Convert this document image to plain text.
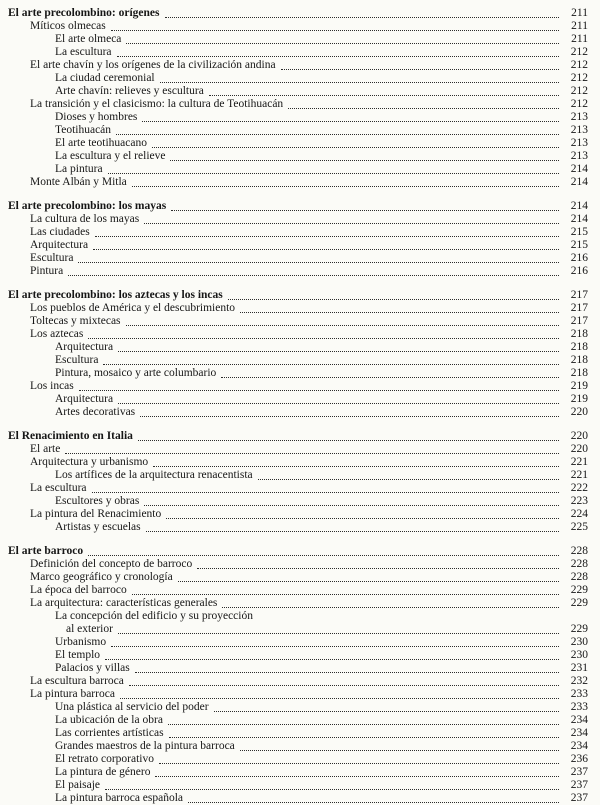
El arte precolombino: orígenes	211
Míticos olmecas	211
El arte olmeca	211
La escultura	212
El arte chavín y los orígenes de la civilización andina	212
La ciudad ceremonial	212
Arte chavín: relieves y escultura	212
La transición y el clasicismo: la cultura de Teotihuacán	212
Dioses y hombres	213
Teotihuacán	213
El arte teotihuacano	213
La escultura y el relieve	213
La pintura	214
Monte Albán y Mitla	214
El arte precolombino: los mayas	214
La cultura de los mayas	214
Las ciudades	215
Arquitectura	215
Escultura	216
Pintura	216
El arte precolombino: los aztecas y los incas	217
Los pueblos de América y el descubrimiento	217
Toltecas y mixtecas	217
Los aztecas	218
Arquitectura	218
Escultura	218
Pintura, mosaico y arte columbario	218
Los incas	219
Arquitectura	219
Artes decorativas	220
El Renacimiento en Italia	220
El arte	220
Arquitectura y urbanismo	221
Los artífices de la arquitectura renacentista	221
La escultura	222
Escultores y obras	223
La pintura del Renacimiento	224
Artistas y escuelas	225
El arte barroco	228
Definición del concepto de barroco	228
Marco geográfico y cronología	228
La época del barroco	229
La arquitectura: características generales	229
La concepción del edificio y su proyección
al exterior	229
Urbanismo	230
El templo	230
Palacios y villas	231
La escultura barroca	232
La pintura barroca	233
Una plástica al servicio del poder	233
La ubicación de la obra	234
Las corrientes artísticas	234
Grandes maestros de la pintura barroca	234
El retrato corporativo	236
La pintura de género	237
El paisaje	237
La pintura barroca española	237
